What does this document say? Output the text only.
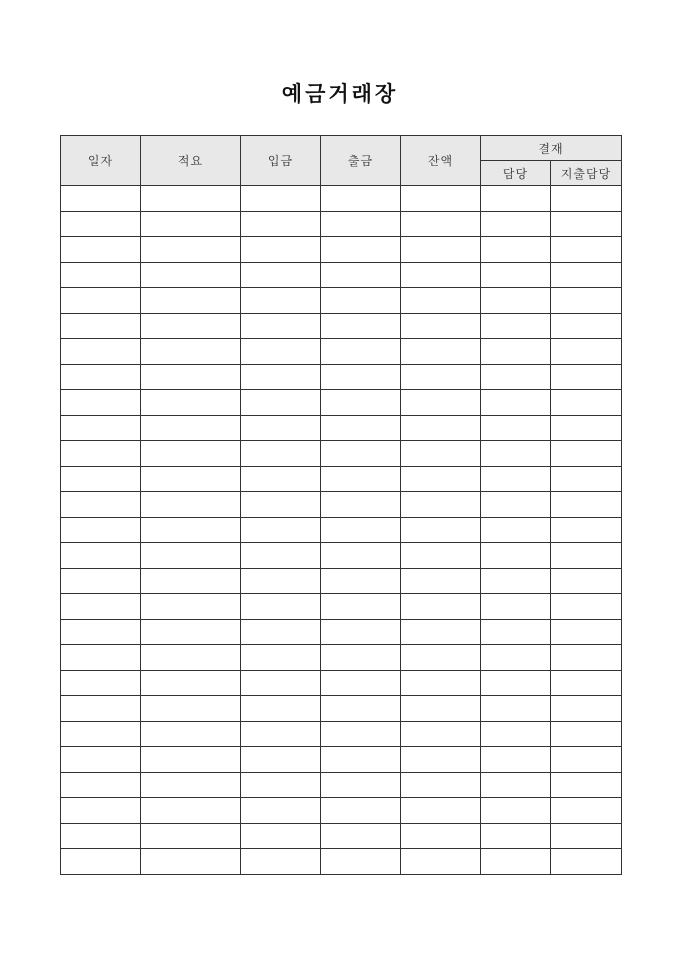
예금거래장
일자	적요	입금	출금	잔액	결재	
					담당	지출담당
